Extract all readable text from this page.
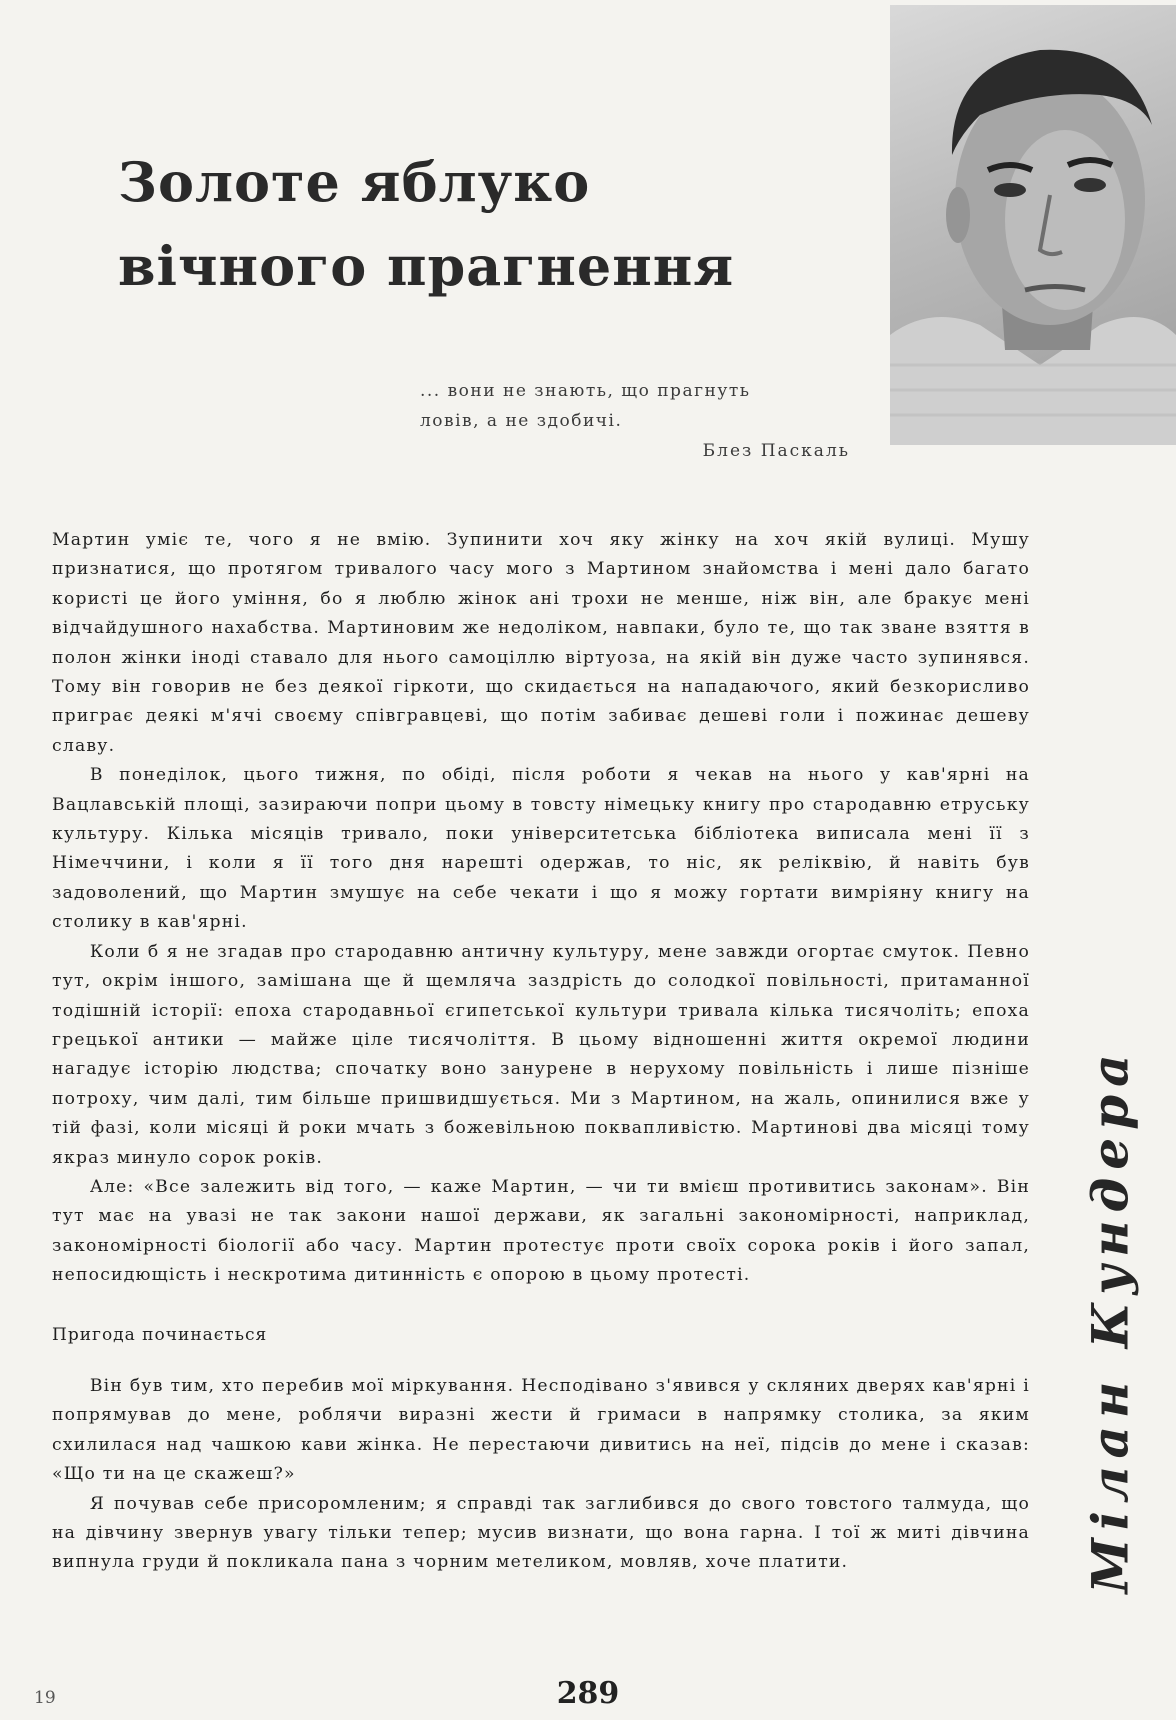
Золоте яблуко
вічного прагнення

... вони не знають, що прагнуть

ловів, а не здобичі.

Блез Паскаль

Мартин уміє те, чого я не вмію. Зупинити хоч яку жінку на хоч якій вулиці. Мушу признатися, що протягом тривалого часу мого з Мартином знайомства і мені дало багато користі це його уміння, бо я люблю жінок ані трохи не менше, ніж він, але бракує мені відчайдушного нахабства. Мартиновим же недоліком, навпаки, було те, що так зване взяття в полон жінки іноді ставало для нього самоціллю віртуоза, на якій він дуже часто зупинявся. Тому він говорив не без деякої гіркоти, що скидається на нападаючого, який безкорисливо приграє деякі м'ячі своєму співгравцеві, що потім забиває дешеві голи і пожинає дешеву славу.

В понеділок, цього тижня, по обіді, після роботи я чекав на нього у кав'ярні на Вацлавській площі, зазираючи попри цьому в товсту німецьку книгу про стародавню етруську культуру. Кілька місяців тривало, поки університетська бібліотека виписала мені її з Німеччини, і коли я її того дня нарешті одержав, то ніс, як реліквію, й навіть був задоволений, що Мартин змушує на себе чекати і що я можу гортати вимріяну книгу на столику в кав'ярні.

Коли б я не згадав про стародавню античну культуру, мене завжди огортає смуток. Певно тут, окрім іншого, замішана ще й щемляча заздрість до солодкої повільності, притаманної тодішній історії: епоха стародавньої єгипетської культури тривала кілька тисячоліть; епоха грецької антики — майже ціле тисячоліття. В цьому відношенні життя окремої людини нагадує історію людства; спочатку воно занурене в нерухому повільність і лише пізніше потроху, чим далі, тим більше пришвидшується. Ми з Мартином, на жаль, опинилися вже у тій фазі, коли місяці й роки мчать з божевільною поквапливістю. Мартинові два місяці тому якраз минуло сорок років.

Але: «Все залежить від того, — каже Мартин, — чи ти вмієш противитись законам». Він тут має на увазі не так закони нашої держави, як загальні закономірності, наприклад, закономірності біології або часу. Мартин протестує проти своїх сорока років і його запал, непосидющість і нескротима дитинність є опорою в цьому протесті.

Пригода починається

Він був тим, хто перебив мої міркування. Несподівано з'явився у скляних дверях кав'ярні і попрямував до мене, роблячи виразні жести й гримаси в напрямку столика, за яким схилилася над чашкою кави жінка. Не перестаючи дивитись на неї, підсів до мене і сказав: «Що ти на це скажеш?»

Я почував себе присоромленим; я справді так заглибився до свого товстого талмуда, що на дівчину звернув увагу тільки тепер; мусив визнати, що вона гарна. І тої ж миті дівчина випнула груди й покликала пана з чорним метеликом, мовляв, хоче платити.	Мілан Кундера
19	289
